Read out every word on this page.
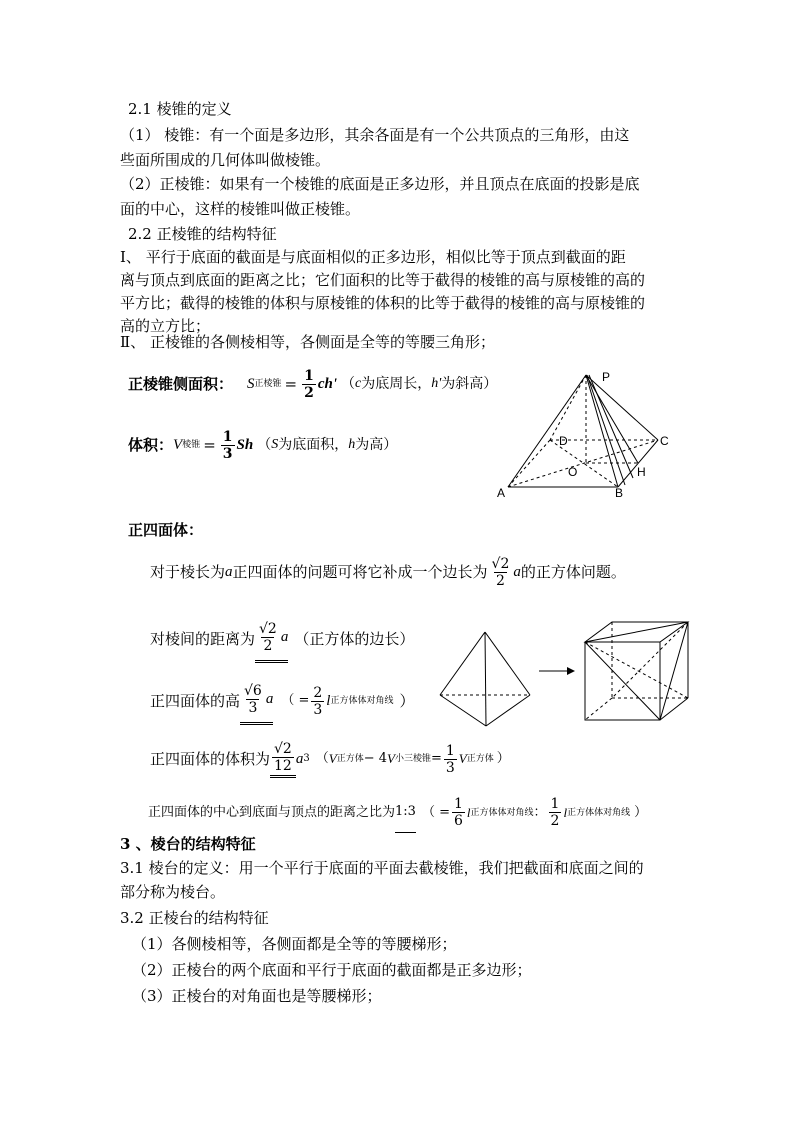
2.1 棱锥的定义
（1） 棱锥：有一个面是多边形，其余各面是有一个公共顶点的三角形，由这
些面所围成的几何体叫做棱锥。
（2）正棱锥：如果有一个棱锥的底面是正多边形，并且顶点在底面的投影是底
面的中心，这样的棱锥叫做正棱锥。
2.2 正棱锥的结构特征
Ⅰ、 平行于底面的截面是与底面相似的正多边形，相似比等于顶点到截面的距
离与顶点到底面的距离之比；它们面积的比等于截得的棱锥的高与原棱锥的高的
平方比；截得的棱锥的体积与原棱锥的体积的比等于截得的棱锥的高与原棱锥的
高的立方比；
Ⅱ、 正棱锥的各侧棱相等，各侧面是全等的等腰三角形；
正棱锥侧面积： S 正棱锥 = $\frac{1}{2} ch'$ （ c 为底周长， h' 为斜高）
体积： V 棱锥 = $\frac{1}{3}$ Sh （ S 为底面积， h 为高）
P
D	C
O	H
A	B
正四面体：
对于棱长为 a 正四面体的问题可将它补成一个边长为 $\frac{√2}{2}$ a 的正方体问题。
对棱间的距离为 $\frac{√2}{2}$ a （正方体的边长）
正四面体的高 $\frac{√6}{3}$ a （ = $\frac{2}{3}$ l 正方体体对角线 ）
正四面体的体积为 $\frac{√2}{12}$ a 3 （ V 正方体 − 4 V 小三棱锥 = $\frac{1}{3}$ V 正方体 ）
正四面体的中心到底面与顶点的距离之比为 1:3 （ = $\frac{1}{6}$ l 正方体体对角线 ： $\frac{1}{2}$ l 正方体体对角线 ）
3 、棱台的结构特征
3.1 棱台的定义：用一个平行于底面的平面去截棱锥，我们把截面和底面之间的
部分称为棱台。
3.2 正棱台的结构特征
（1）各侧棱相等，各侧面都是全等的等腰梯形；
（2）正棱台的两个底面和平行于底面的截面都是正多边形；
（3）正棱台的对角面也是等腰梯形；
